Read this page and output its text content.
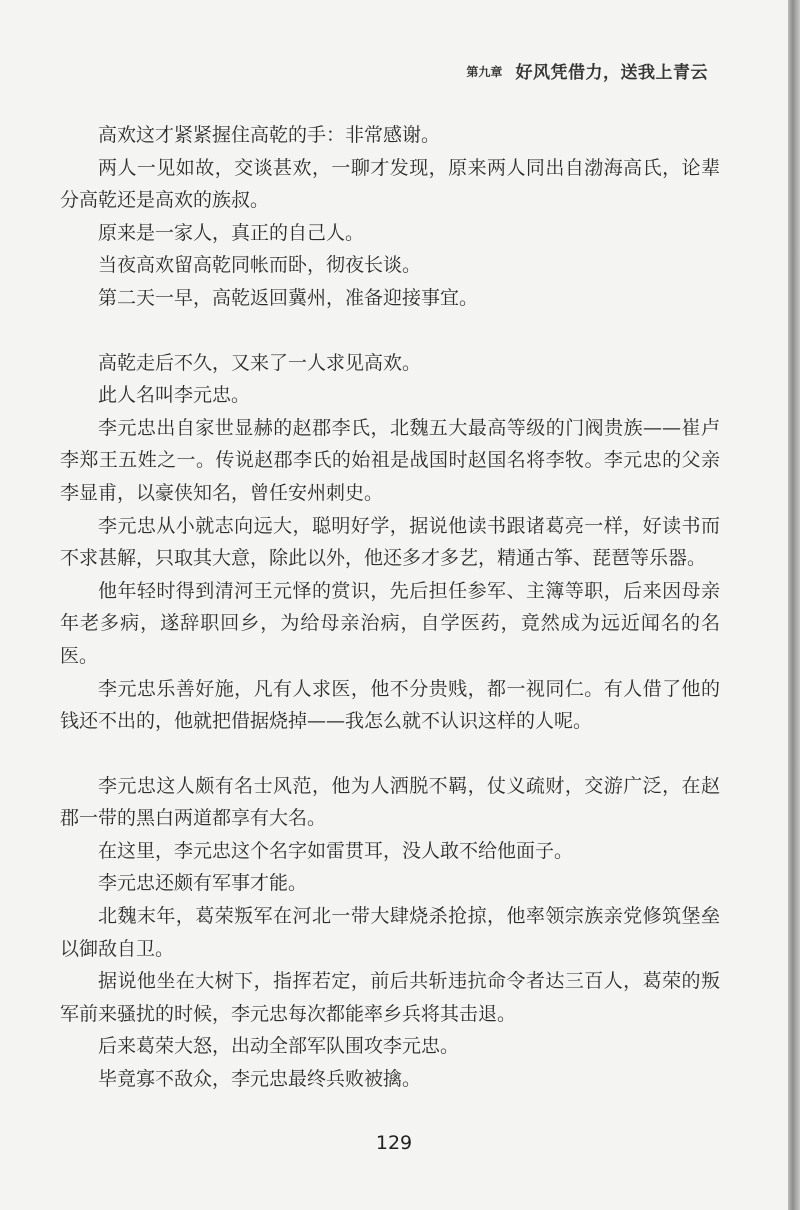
第九章 好风凭借力，送我上青云

高欢这才紧紧握住高乾的手：非常感谢。

两人一见如故，交谈甚欢，一聊才发现，原来两人同出自渤海高氏，论辈分高乾还是高欢的族叔。

原来是一家人，真正的自己人。

当夜高欢留高乾同帐而卧，彻夜长谈。

第二天一早，高乾返回冀州，准备迎接事宜。

高乾走后不久，又来了一人求见高欢。

此人名叫李元忠。

李元忠出自家世显赫的赵郡李氏，北魏五大最高等级的门阀贵族——崔卢李郑王五姓之一。传说赵郡李氏的始祖是战国时赵国名将李牧。李元忠的父亲李显甫，以豪侠知名，曾任安州刺史。

李元忠从小就志向远大，聪明好学，据说他读书跟诸葛亮一样，好读书而不求甚解，只取其大意，除此以外，他还多才多艺，精通古筝、琵琶等乐器。

他年轻时得到清河王元怿的赏识，先后担任参军、主簿等职，后来因母亲年老多病，遂辞职回乡，为给母亲治病，自学医药，竟然成为远近闻名的名医。

李元忠乐善好施，凡有人求医，他不分贵贱，都一视同仁。有人借了他的钱还不出的，他就把借据烧掉——我怎么就不认识这样的人呢。

李元忠这人颇有名士风范，他为人洒脱不羁，仗义疏财，交游广泛，在赵郡一带的黑白两道都享有大名。

在这里，李元忠这个名字如雷贯耳，没人敢不给他面子。

李元忠还颇有军事才能。

北魏末年，葛荣叛军在河北一带大肆烧杀抢掠，他率领宗族亲党修筑堡垒以御敌自卫。

据说他坐在大树下，指挥若定，前后共斩违抗命令者达三百人，葛荣的叛军前来骚扰的时候，李元忠每次都能率乡兵将其击退。

后来葛荣大怒，出动全部军队围攻李元忠。

毕竟寡不敌众，李元忠最终兵败被擒。

129
